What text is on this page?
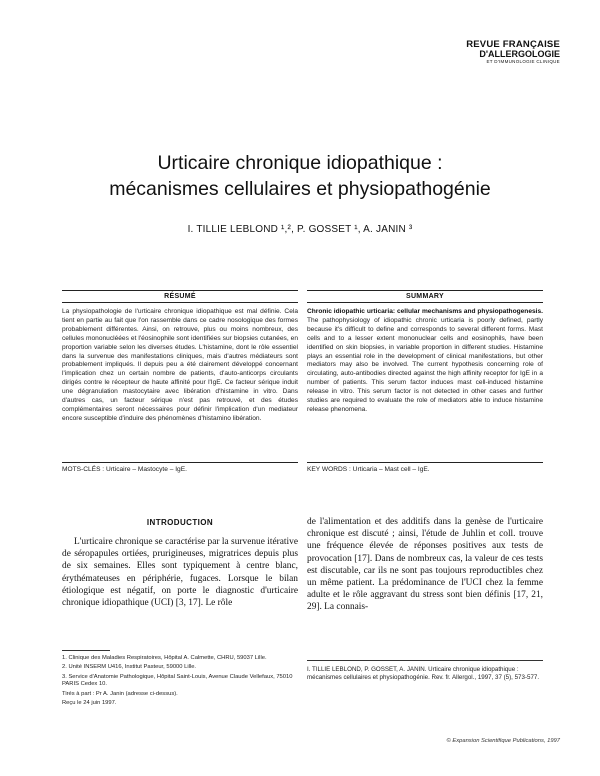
REVUE FRANÇAISE
D'ALLERGOLOGIE
ET D'IMMUNOLOGIE CLINIQUE
Urticaire chronique idiopathique :
mécanismes cellulaires et physiopathogénie
I. TILLIE LEBLOND ¹,², P. GOSSET ¹, A. JANIN ³
RÉSUMÉ
La physiopathologie de l'urticaire chronique idiopathique est mal définie. Cela tient en partie au fait que l'on rassemble dans ce cadre nosologique des formes probablement différentes. Ainsi, on retrouve, plus ou moins nombreux, des cellules mononucléées et l'éosinophile sont identifiées sur biopsies cutanées, en proportion variable selon les diverses études. L'histamine, dont le rôle essentiel dans la survenue des manifestations cliniques, mais d'autres médiateurs sont probablement impliqués. Il depuis peu a été clairement développé concernant l'implication chez un certain nombre de patients, d'auto-anticorps circulants dirigés contre le récepteur de haute affinité pour l'IgE. Ce facteur sérique induit une dégranulation mastocytaire avec libération d'histamine in vitro. Dans d'autres cas, un facteur sérique n'est pas retrouvé, et des études complémentaires seront nécessaires pour définir l'implication d'un mediateur encore susceptible d'induire des phénomènes d'histamino libération.
MOTS-CLÉS : Urticaire – Mastocyte – IgE.
SUMMARY
Chronic idiopathic urticaria: cellular mechanisms and physiopathogenesis. The pathophysiology of idiopathic chronic urticaria is poorly defined, partly because it's difficult to define and corresponds to several different forms. Mast cells and to a lesser extent mononuclear cells and eosinophils, have been identified on skin biopsies, in variable proportion in different studies. Histamine plays an essential role in the development of clinical manifestations, but other mediators may also be involved. The current hypothesis concerning role of circulating, auto-antibodies directed against the high affinity receptor for IgE in a number of patients. This serum factor induces mast cell-induced histamine release in vitro. This serum factor is not detected in other cases and further studies are required to evaluate the role of mediators able to induce histamine release phenomena.
KEY WORDS : Urticaria – Mast cell – IgE.
INTRODUCTION

L'urticaire chronique se caractérise par la survenue itérative de séropapules ortiées, prurigineuses, migratrices depuis plus de six semaines. Elles sont typiquement à centre blanc, érythémateuses en périphérie, fugaces. Lorsque le bilan étiologique est négatif, on porte le diagnostic d'urticaire chronique idiopathique (UCI) [3, 17]. Le rôle

de l'alimentation et des additifs dans la genèse de l'urticaire chronique est discuté ; ainsi, l'étude de Juhlin et coll. trouve une fréquence élevée de réponses positives aux tests de provocation [17]. Dans de nombreux cas, la valeur de ces tests est discutable, car ils ne sont pas toujours reproductibles chez un même patient. La prédominance de l'UCI chez la femme adulte et le rôle aggravant du stress sont bien définis [17, 21, 29]. La connais-

1. Clinique des Maladies Respiratoires, Hôpital A. Calmette, CHRU, 59037 Lille.

2. Unité INSERM U416, Institut Pasteur, 59000 Lille.

3. Service d'Anatomie Pathologique, Hôpital Saint-Louis, Avenue Claude Vellefaux, 75010 PARIS Cedex 10.

Tirés à part : Pr A. Janin (adresse ci-dessus).

Reçu le 24 juin 1997.

I. TILLIE LEBLOND, P. GOSSET, A. JANIN. Urticaire chronique idiopathique : mécanismes cellulaires et physiopathogénie. Rev. fr. Allergol., 1997, 37 (5), 573-577.
© Expansion Scientifique Publications, 1997
